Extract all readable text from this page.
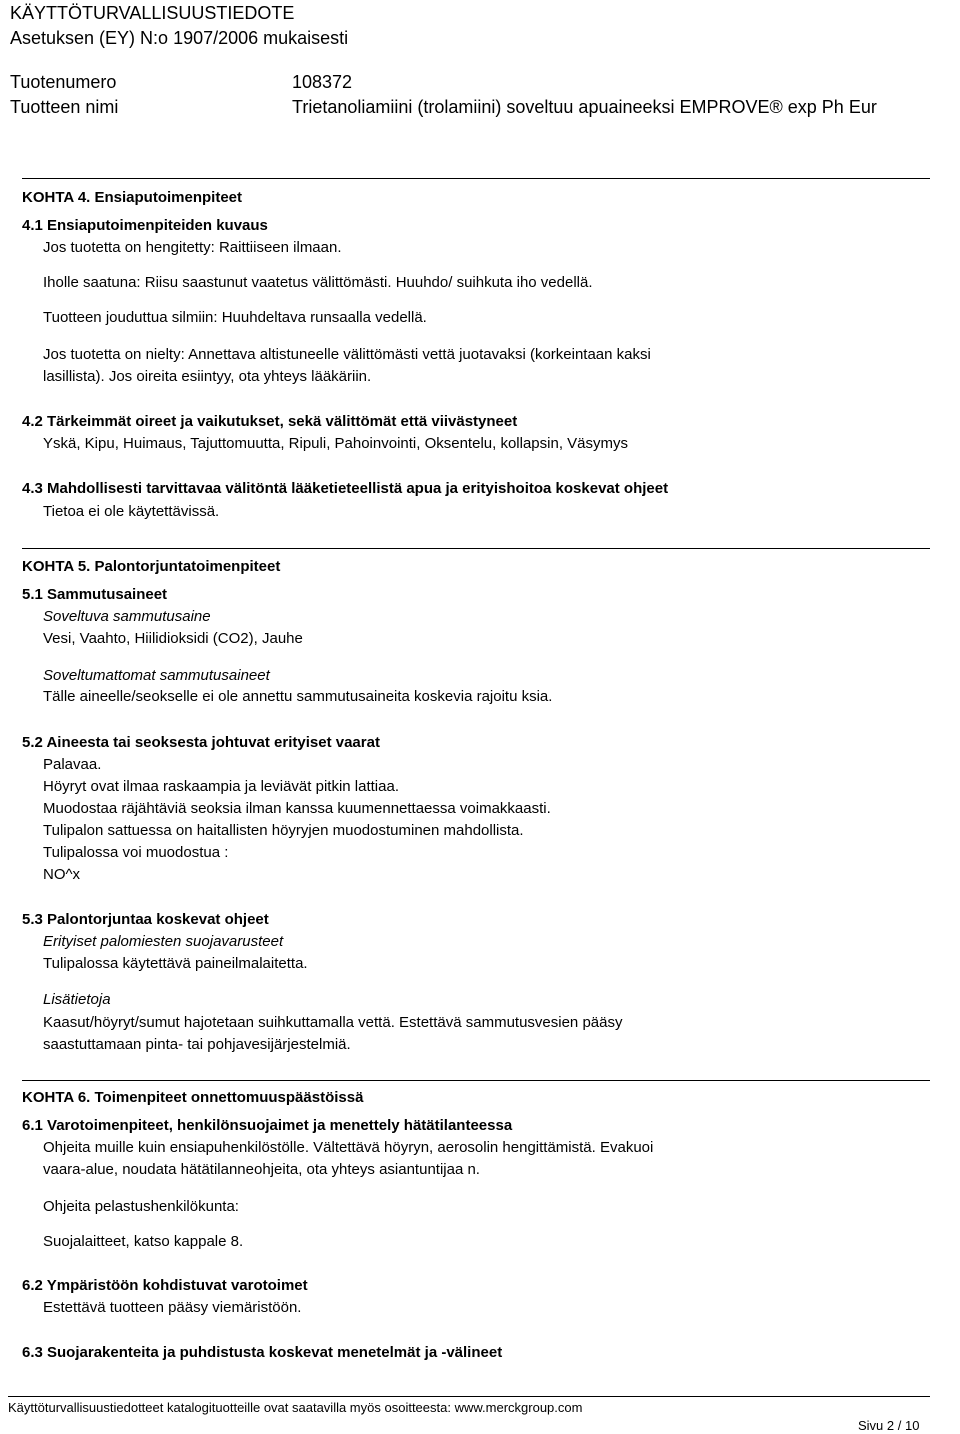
KÄYTTÖTURVALLISUUSTIEDOTE
Asetuksen (EY) N:o 1907/2006 mukaisesti
Tuotenumero	108372
Tuotteen nimi	Trietanoliamiini (trolamiini) soveltuu apuaineeksi EMPROVE® exp Ph Eur
KOHTA 4. Ensiaputoimenpiteet
4.1 Ensiaputoimenpiteiden kuvaus
Jos tuotetta on hengitetty: Raittiiseen ilmaan.
Iholle saatuna: Riisu saastunut vaatetus välittömästi. Huuhdo/ suihkuta iho vedellä.
Tuotteen jouduttua silmiin: Huuhdeltava runsaalla vedellä.
Jos tuotetta on nielty: Annettava altistuneelle välittömästi vettä juotavaksi (korkeintaan kaksi
lasillista). Jos oireita esiintyy, ota yhteys lääkäriin.
4.2 Tärkeimmät oireet ja vaikutukset, sekä välittömät että viivästyneet
Yskä, Kipu, Huimaus, Tajuttomuutta, Ripuli, Pahoinvointi, Oksentelu, kollapsin, Väsymys
4.3 Mahdollisesti tarvittavaa välitöntä lääketieteellistä apua ja erityishoitoa koskevat ohjeet
Tietoa ei ole käytettävissä.
KOHTA 5. Palontorjuntatoimenpiteet
5.1 Sammutusaineet
Soveltuva sammutusaine
Vesi, Vaahto, Hiilidioksidi (CO2), Jauhe
Soveltumattomat sammutusaineet
Tälle aineelle/seokselle ei ole annettu sammutusaineita koskevia rajoitu ksia.
5.2 Aineesta tai seoksesta johtuvat erityiset vaarat
Palavaa.
Höyryt ovat ilmaa raskaampia ja leviävät pitkin lattiaa.
Muodostaa räjähtäviä seoksia ilman kanssa kuumennettaessa voimakkaasti.
Tulipalon sattuessa on haitallisten höyryjen muodostuminen mahdollista.
Tulipalossa voi muodostua :
NO^x
5.3 Palontorjuntaa koskevat ohjeet
Erityiset palomiesten suojavarusteet
Tulipalossa käytettävä paineilmalaitetta.
Lisätietoja
Kaasut/höyryt/sumut hajotetaan suihkuttamalla vettä. Estettävä sammutusvesien pääsy
saastuttamaan pinta- tai pohjavesijärjestelmiä.
KOHTA 6. Toimenpiteet onnettomuuspäästöissä
6.1 Varotoimenpiteet, henkilönsuojaimet ja menettely hätätilanteessa
Ohjeita muille kuin ensiapuhenkilöstölle. Vältettävä höyryn, aerosolin hengittämistä. Evakuoi
vaara-alue, noudata hätätilanneohjeita, ota yhteys asiantuntijaa n.
Ohjeita pelastushenkilökunta:
Suojalaitteet, katso kappale 8.
6.2 Ympäristöön kohdistuvat varotoimet
Estettävä tuotteen pääsy viemäristöön.
6.3 Suojarakenteita ja puhdistusta koskevat menetelmät ja -välineet
Käyttöturvallisuustiedotteet katalogituotteille ovat saatavilla myös osoitteesta: www.merckgroup.com
Sivu 2 / 10
